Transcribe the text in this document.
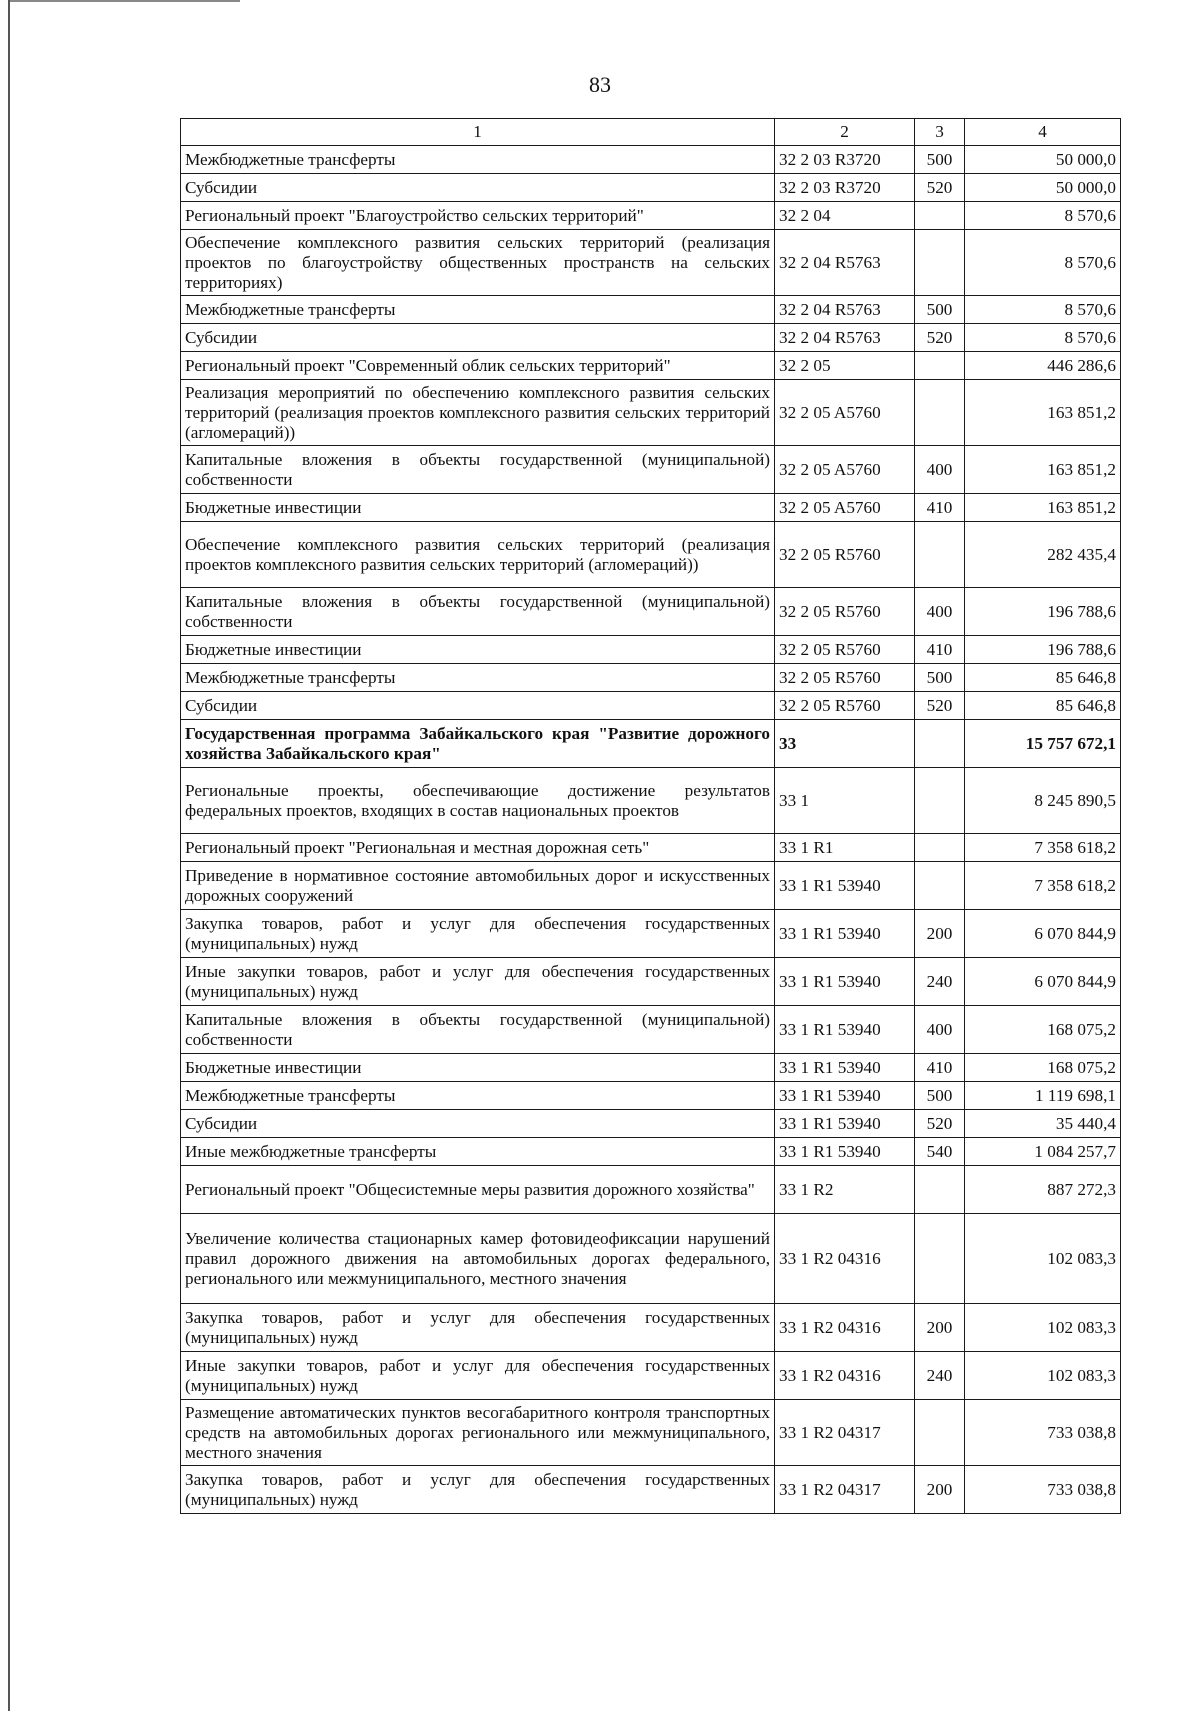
83
1	2	3	4
Межбюджетные трансферты	32 2 03 R3720	500	50 000,0
Субсидии	32 2 03 R3720	520	50 000,0
Региональный проект "Благоустройство сельских территорий"	32 2 04		8 570,6
Обеспечение комплексного развития сельских территорий (реализация проектов по благоустройству общественных пространств на сельских территориях)	32 2 04 R5763		8 570,6
Межбюджетные трансферты	32 2 04 R5763	500	8 570,6
Субсидии	32 2 04 R5763	520	8 570,6
Региональный проект "Современный облик сельских территорий"	32 2 05		446 286,6
Реализация мероприятий по обеспечению комплексного развития сельских территорий (реализация проектов комплексного развития сельских территорий (агломераций))	32 2 05 A5760		163 851,2
Капитальные вложения в объекты государственной (муниципальной) собственности	32 2 05 A5760	400	163 851,2
Бюджетные инвестиции	32 2 05 A5760	410	163 851,2
Обеспечение комплексного развития сельских территорий (реализация проектов комплексного развития сельских территорий (агломераций))	32 2 05 R5760		282 435,4
Капитальные вложения в объекты государственной (муниципальной) собственности	32 2 05 R5760	400	196 788,6
Бюджетные инвестиции	32 2 05 R5760	410	196 788,6
Межбюджетные трансферты	32 2 05 R5760	500	85 646,8
Субсидии	32 2 05 R5760	520	85 646,8
Государственная программа Забайкальского края "Развитие дорожного хозяйства Забайкальского края"	33		15 757 672,1
Региональные проекты, обеспечивающие достижение результатов федеральных проектов, входящих в состав национальных проектов	33 1		8 245 890,5
Региональный проект "Региональная и местная дорожная сеть"	33 1 R1		7 358 618,2
Приведение в нормативное состояние автомобильных дорог и искусственных дорожных сооружений	33 1 R1 53940		7 358 618,2
Закупка товаров, работ и услуг для обеспечения государственных (муниципальных) нужд	33 1 R1 53940	200	6 070 844,9
Иные закупки товаров, работ и услуг для обеспечения государственных (муниципальных) нужд	33 1 R1 53940	240	6 070 844,9
Капитальные вложения в объекты государственной (муниципальной) собственности	33 1 R1 53940	400	168 075,2
Бюджетные инвестиции	33 1 R1 53940	410	168 075,2
Межбюджетные трансферты	33 1 R1 53940	500	1 119 698,1
Субсидии	33 1 R1 53940	520	35 440,4
Иные межбюджетные трансферты	33 1 R1 53940	540	1 084 257,7
Региональный проект "Общесистемные меры развития дорожного хозяйства"	33 1 R2		887 272,3
Увеличение количества стационарных камер фотовидеофиксации нарушений правил дорожного движения на автомобильных дорогах федерального, регионального или межмуниципального, местного значения	33 1 R2 04316		102 083,3
Закупка товаров, работ и услуг для обеспечения государственных (муниципальных) нужд	33 1 R2 04316	200	102 083,3
Иные закупки товаров, работ и услуг для обеспечения государственных (муниципальных) нужд	33 1 R2 04316	240	102 083,3
Размещение автоматических пунктов весогабаритного контроля транспортных средств на автомобильных дорогах регионального или межмуниципального, местного значения	33 1 R2 04317		733 038,8
Закупка товаров, работ и услуг для обеспечения государственных (муниципальных) нужд	33 1 R2 04317	200	733 038,8
